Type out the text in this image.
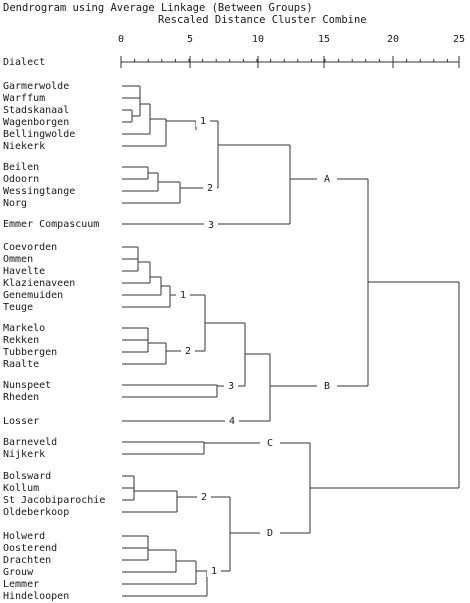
Dendrogram using Average Linkage (Between Groups)
Rescaled Distance Cluster Combine
0	5	10	15	20	25
Dialect
Garmerwolde
Warffum
Stadskanaal
Wagenborgen
Bellingwolde
Niekerk
Beilen
Odoorn
Wessingtange
Norg
Emmer Compascuum
Coevorden
Ommen
Havelte
Klazienaveen
Genemuiden
Teuge
Markelo
Rekken
Tubbergen
Raalte
Nunspeet
Rheden
Losser
Barneveld
Nijkerk
Bolsward
Kollum
St Jacobiparochie
Oldeberkoop
Holwerd
Oosterend
Drachten
Grouw
Lemmer
Hindeloopen
1
2
3
A
1
2
3
4
B
C
2
1
D
